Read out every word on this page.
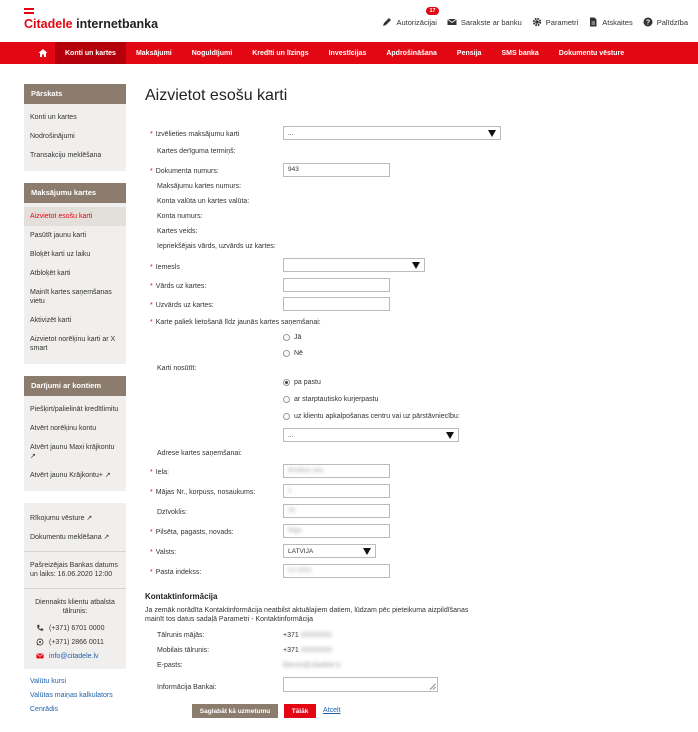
Citadele internetbanka
17
Autorizācijai	Sarakste ar banku	Parametri	Atskaites ? Palīdzība
Konti un kartes	Maksājumi	Noguldījumi	Kredīti un līzings	Investīcijas	Apdrošināšana	Pensija	SMS banka	Dokumentu vēsture
Pārskats
Konti un kartes
Nodrošinājumi
Transakciju meklēšana
Maksājumu kartes
Aizvietot esošu karti
Pasūtīt jaunu karti
Bloķēt karti uz laiku
Atbloķēt karti
Mainīt kartes saņemšanas vietu
Aktivizēt karti
Aizvietot norēķinu karti ar X smart
Darījumi ar kontiem
Piešķirt/palielināt kredītlimitu
Atvērt norēķinu kontu
Atvērt jaunu Maxi krājkontu ↗
Atvērt jaunu Krājkontu+ ↗
Rīkojumu vēsture ↗
Dokumentu meklēšana ↗
Pašreizējais Bankas datums un laiks: 16.06.2020 12:00
Diennakts klientu atbalsta tālrunis:
(+371) 6701 0000
(+371) 2866 0011
info@citadele.lv
Valūtu kursi
Valūtas maiņas kalkulators
Cenrādis
Aizvietot esošu karti
* Izvēlieties maksājumu karti	...
Kartes derīguma termiņš:
* Dokumenta numurs:	943
Maksājumu kartes numurs:
Konta valūta un kartes valūta:
Konta numurs:
Kartes veids:
Iepriekšējais vārds, uzvārds uz kartes:
* Iemesls
* Vārds uz kartes:
* Uzvārds uz kartes:
* Karte paliek lietošanā līdz jaunās kartes saņemšanai:
Jā
Nē
Karti nosūtīt:
pa pastu
ar starptautisko kurjerpastu
uz klientu apkalpošanas centru vai uz pārstāvniecību:
...
Adrese kartes saņemšanai:
* Iela:	Brivibas iela
* Mājas Nr., korpuss, nosaukums:	1
Dzīvoklis:	00
* Pilsēta, pagasts, novads:	Riga
* Valsts:	LATVIJA
* Pasta indekss:	LV-1001
Kontaktinformācija
Ja zemāk norādīta Kontaktinformācija neatbilst aktuālajiem datiem, lūdzam pēc pieteikuma aizpildīšanas mainīt tos datus sadaļā Parametri - Kontaktinformācija
Tālrunis mājās:	+371 00000000
Mobilais tālrunis:	+371 00000000
E-pasts:	klients@citadele.lv
Informācija Bankai:
Saglabāt kā uzmetumu	Tālāk	Atcelt
